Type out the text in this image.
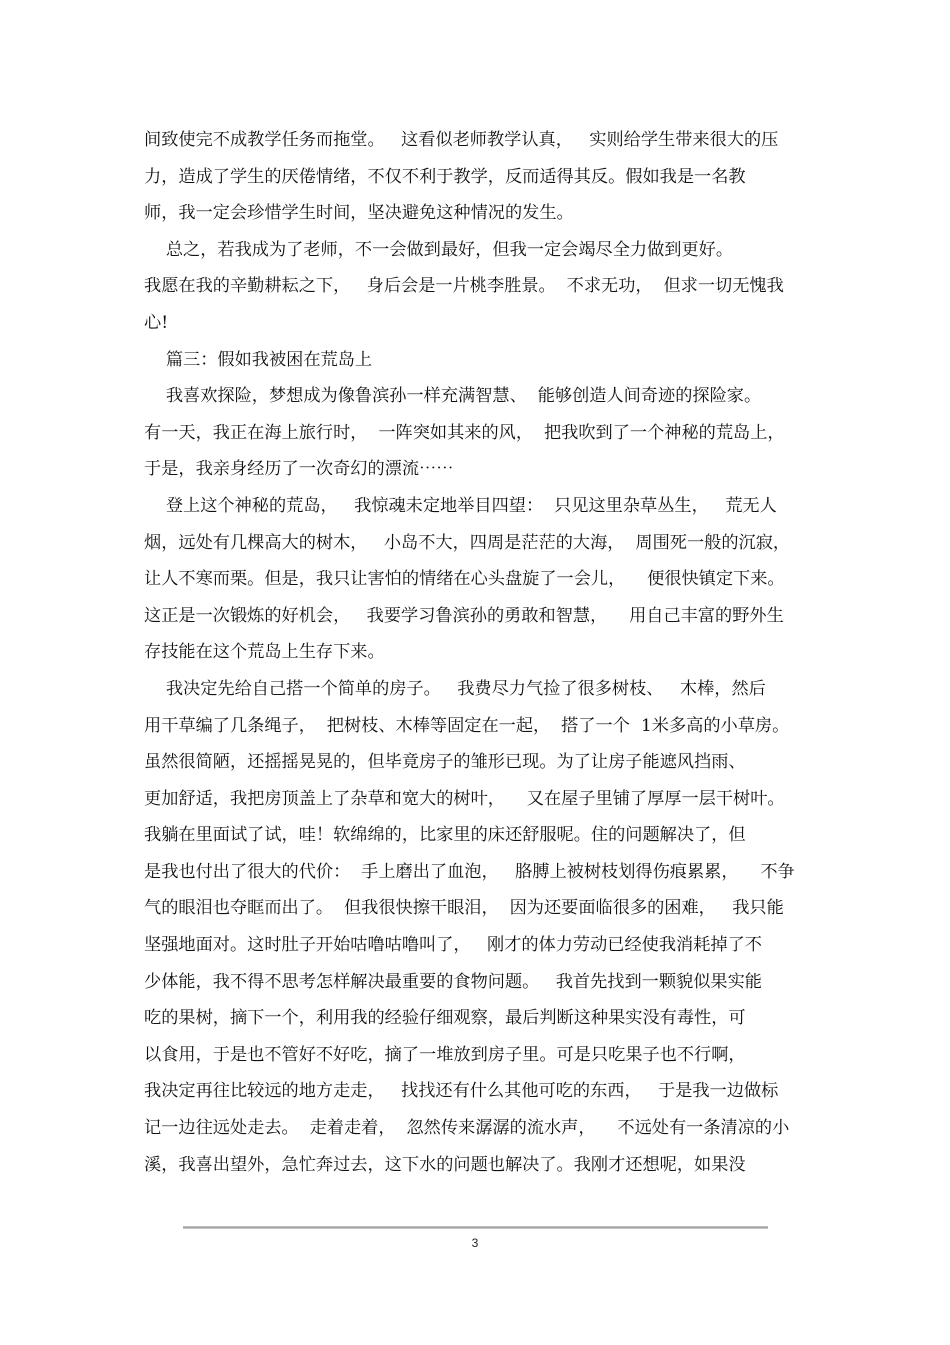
间致使完不成教学任务而拖堂。   这看似老师教学认真，   实则给学生带来很大的压
力，造成了学生的厌倦情绪，不仅不利于教学，反而适得其反。假如我是一名教
师，我一定会珍惜学生时间，坚决避免这种情况的发生。
总之，若我成为了老师，不一会做到最好，但我一定会竭尽全力做到更好。
我愿在我的辛勤耕耘之下，   身后会是一片桃李胜景。  不求无功，  但求一切无愧我
心!
篇三：假如我被困在荒岛上
我喜欢探险，梦想成为像鲁滨孙一样充满智慧、  能够创造人间奇迹的探险家。
有一天，我正在海上旅行时，  一阵突如其来的风，  把我吹到了一个神秘的荒岛上，
于是，我亲身经历了一次奇幻的漂流⋯⋯
登上这个神秘的荒岛，   我惊魂未定地举目四望：  只见这里杂草丛生，   荒无人
烟，远处有几棵高大的树木，   小岛不大，四周是茫茫的大海，  周围死一般的沉寂，
让人不寒而栗。但是，我只让害怕的情绪在心头盘旋了一会儿，    便很快镇定下来。
这正是一次锻炼的好机会，   我要学习鲁滨孙的勇敢和智慧，    用自己丰富的野外生
存技能在这个荒岛上生存下来。
我决定先给自己搭一个简单的房子。   我费尽力气捡了很多树枝、   木棒，然后
用干草编了几条绳子，  把树枝、木棒等固定在一起，  搭了一个  1米多高的小草房。
虽然很简陋，还摇摇晃晃的，但毕竟房子的雏形已现。为了让房子能遮风挡雨、
更加舒适，我把房顶盖上了杂草和宽大的树叶，    又在屋子里铺了厚厚一层干树叶。
我躺在里面试了试，哇！软绵绵的，比家里的床还舒服呢。住的问题解决了，但
是我也付出了很大的代价：  手上磨出了血泡，   胳膊上被树枝划得伤痕累累，    不争
气的眼泪也夺眶而出了。  但我很快擦干眼泪，  因为还要面临很多的困难，   我只能
坚强地面对。这时肚子开始咕噜咕噜叫了，   刚才的体力劳动已经使我消耗掉了不
少体能，我不得不思考怎样解决最重要的食物问题。   我首先找到一颗貌似果实能
吃的果树，摘下一个，利用我的经验仔细观察，最后判断这种果实没有毒性，可
以食用，于是也不管好不好吃，摘了一堆放到房子里。可是只吃果子也不行啊，
我决定再往比较远的地方走走，   找找还有什么其他可吃的东西，   于是我一边做标
记一边往远处走去。  走着走着，  忽然传来潺潺的流水声，    不远处有一条清凉的小
溪，我喜出望外，急忙奔过去，这下水的问题也解决了。我刚才还想呢，如果没
3
